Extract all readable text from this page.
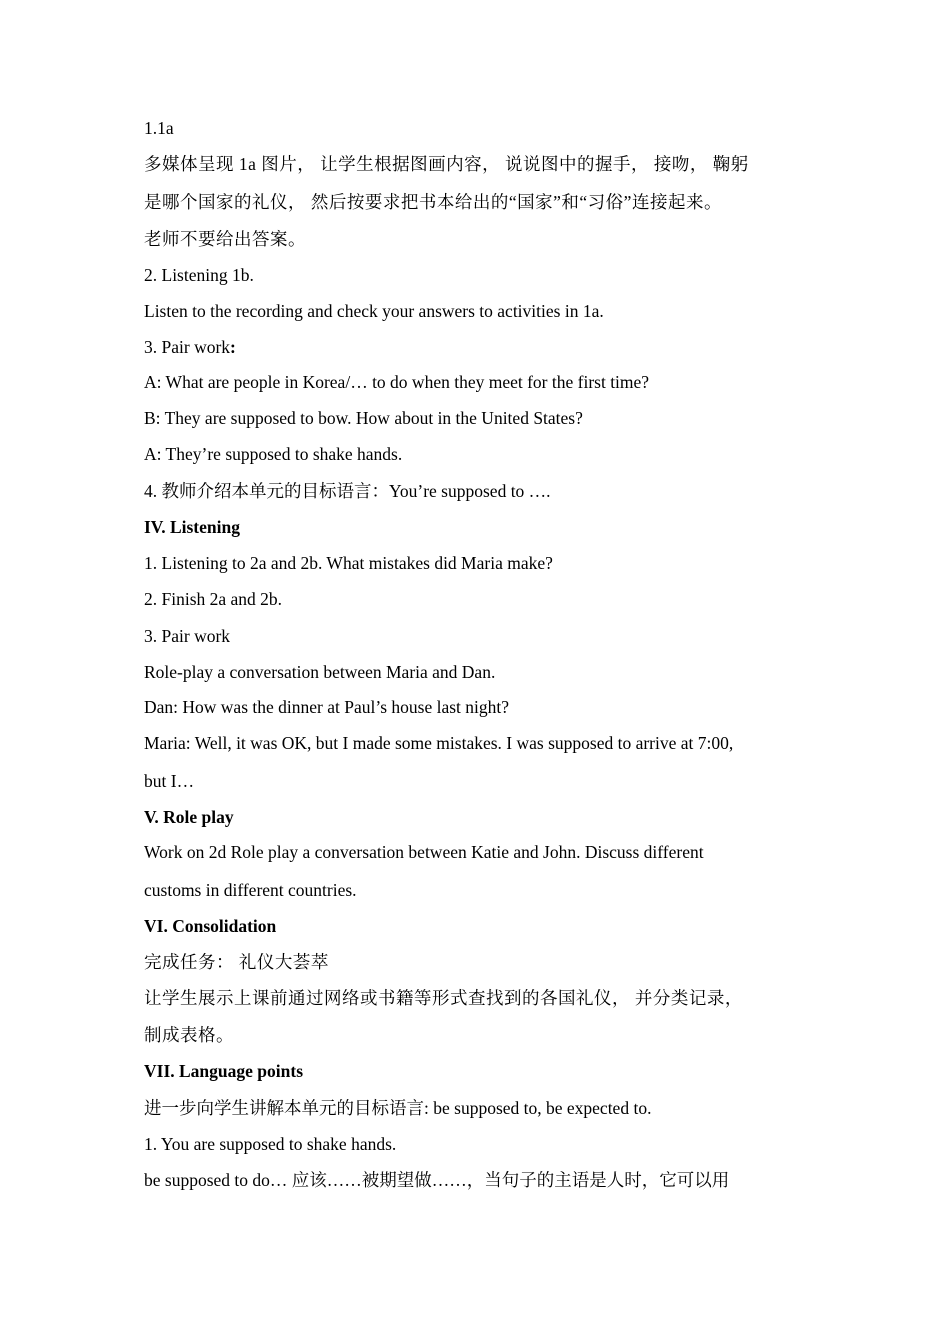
1.1a
多媒体呈现 1a 图片， 让学生根据图画内容， 说说图中的握手， 接吻， 鞠躬
是哪个国家的礼仪， 然后按要求把书本给出的“国家”和“习俗”连接起来。
老师不要给出答案。
2. Listening 1b.
Listen to the recording and check your answers to activities in 1a.
3. Pair work:
A: What are people in Korea/… to do when they meet for the first time?
B: They are supposed to bow. How about in the United States?
A: They’re supposed to shake hands.
4. 教师介绍本单元的目标语言：You’re supposed to ….
IV. Listening
1. Listening to 2a and 2b. What mistakes did Maria make?
2. Finish 2a and 2b.
3. Pair work
Role-play a conversation between Maria and Dan.
Dan: How was the dinner at Paul’s house last night?
Maria: Well, it was OK, but I made some mistakes. I was supposed to arrive at 7:00,
but I…
V. Role play
Work on 2d Role play a conversation between Katie and John. Discuss different
customs in different countries.
VI. Consolidation
完成任务： 礼仪大荟萃
让学生展示上课前通过网络或书籍等形式查找到的各国礼仪， 并分类记录，
制成表格。
VII. Language points
进一步向学生讲解本单元的目标语言: be supposed to, be expected to.
1. You are supposed to shake hands.
be supposed to do… 应该……被期望做……，当句子的主语是人时，它可以用
